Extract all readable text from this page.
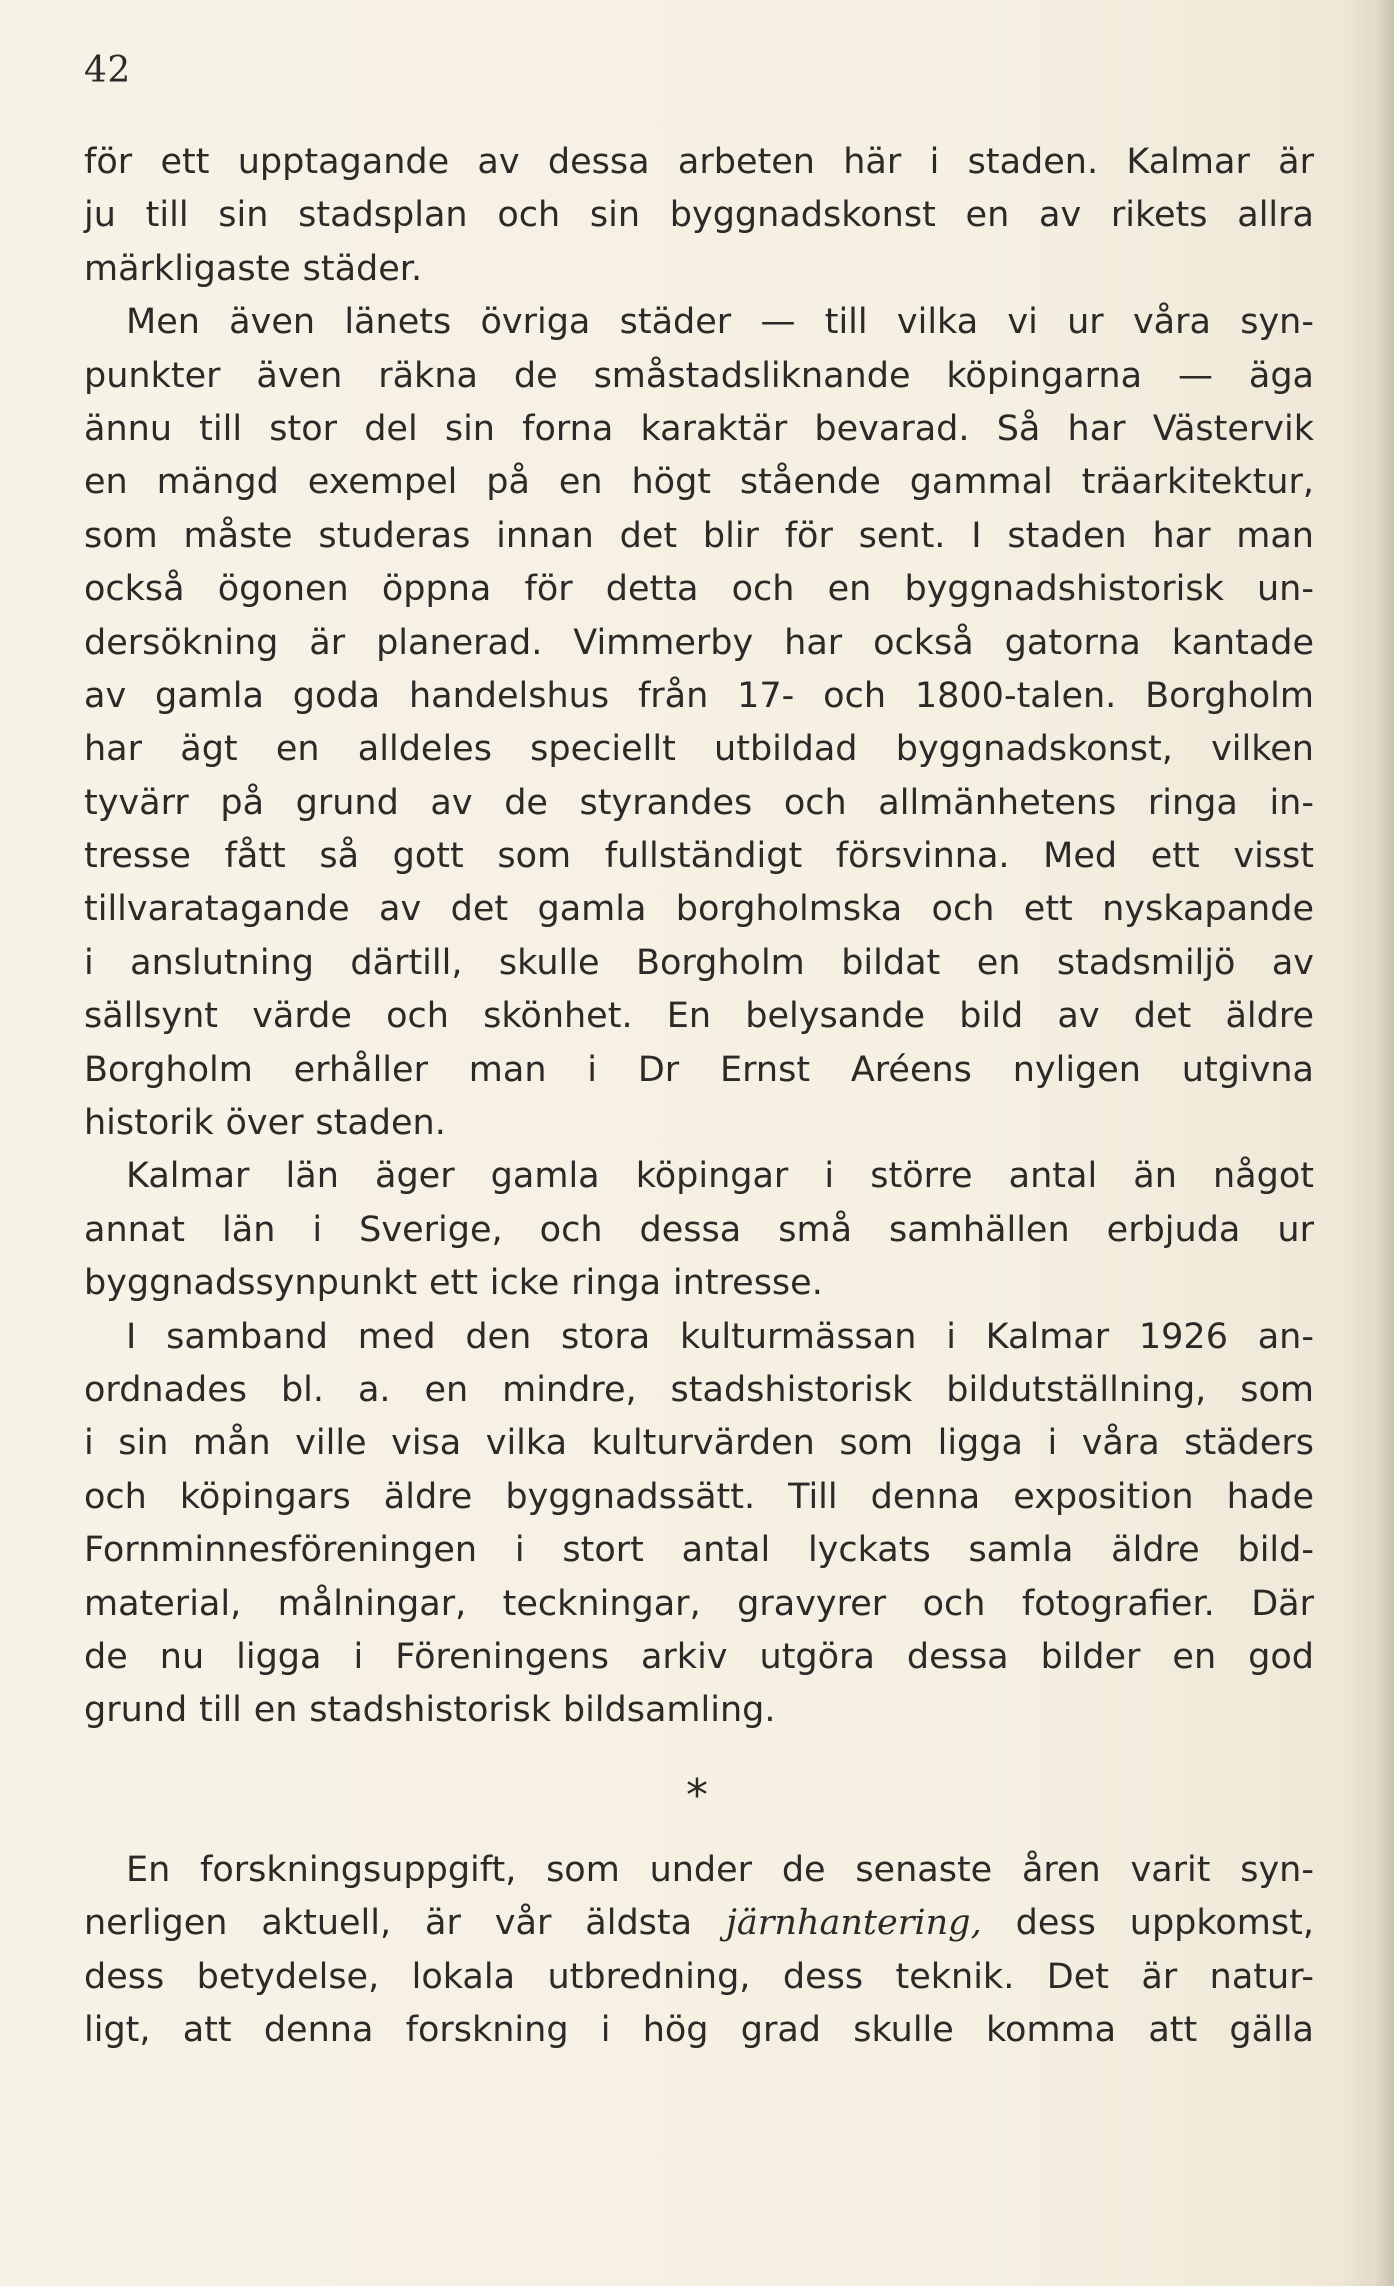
42
för ett upptagande av dessa arbeten här i staden. Kalmar är
ju till sin stadsplan och sin byggnadskonst en av rikets allra
märkligaste städer.
Men även länets övriga städer — till vilka vi ur våra syn-
punkter även räkna de småstadsliknande köpingarna — äga
ännu till stor del sin forna karaktär bevarad. Så har Västervik
en mängd exempel på en högt stående gammal träarkitektur,
som måste studeras innan det blir för sent. I staden har man
också ögonen öppna för detta och en byggnadshistorisk un-
dersökning är planerad. Vimmerby har också gatorna kantade
av gamla goda handelshus från 17- och 1800-talen. Borgholm
har ägt en alldeles speciellt utbildad byggnadskonst, vilken
tyvärr på grund av de styrandes och allmänhetens ringa in-
tresse fått så gott som fullständigt försvinna. Med ett visst
tillvaratagande av det gamla borgholmska och ett nyskapande
i anslutning därtill, skulle Borgholm bildat en stadsmiljö av
sällsynt värde och skönhet. En belysande bild av det äldre
Borgholm erhåller man i Dr Ernst Aréens nyligen utgivna
historik över staden.
Kalmar län äger gamla köpingar i större antal än något
annat län i Sverige, och dessa små samhällen erbjuda ur
byggnadssynpunkt ett icke ringa intresse.
I samband med den stora kulturmässan i Kalmar 1926 an-
ordnades bl. a. en mindre, stadshistorisk bildutställning, som
i sin mån ville visa vilka kulturvärden som ligga i våra städers
och köpingars äldre byggnadssätt. Till denna exposition hade
Fornminnesföreningen i stort antal lyckats samla äldre bild-
material, målningar, teckningar, gravyrer och fotografier. Där
de nu ligga i Föreningens arkiv utgöra dessa bilder en god
grund till en stadshistorisk bildsamling.
*
En forskningsuppgift, som under de senaste åren varit syn-
nerligen aktuell, är vår äldsta järnhantering, dess uppkomst,
dess betydelse, lokala utbredning, dess teknik. Det är natur-
ligt, att denna forskning i hög grad skulle komma att gälla
